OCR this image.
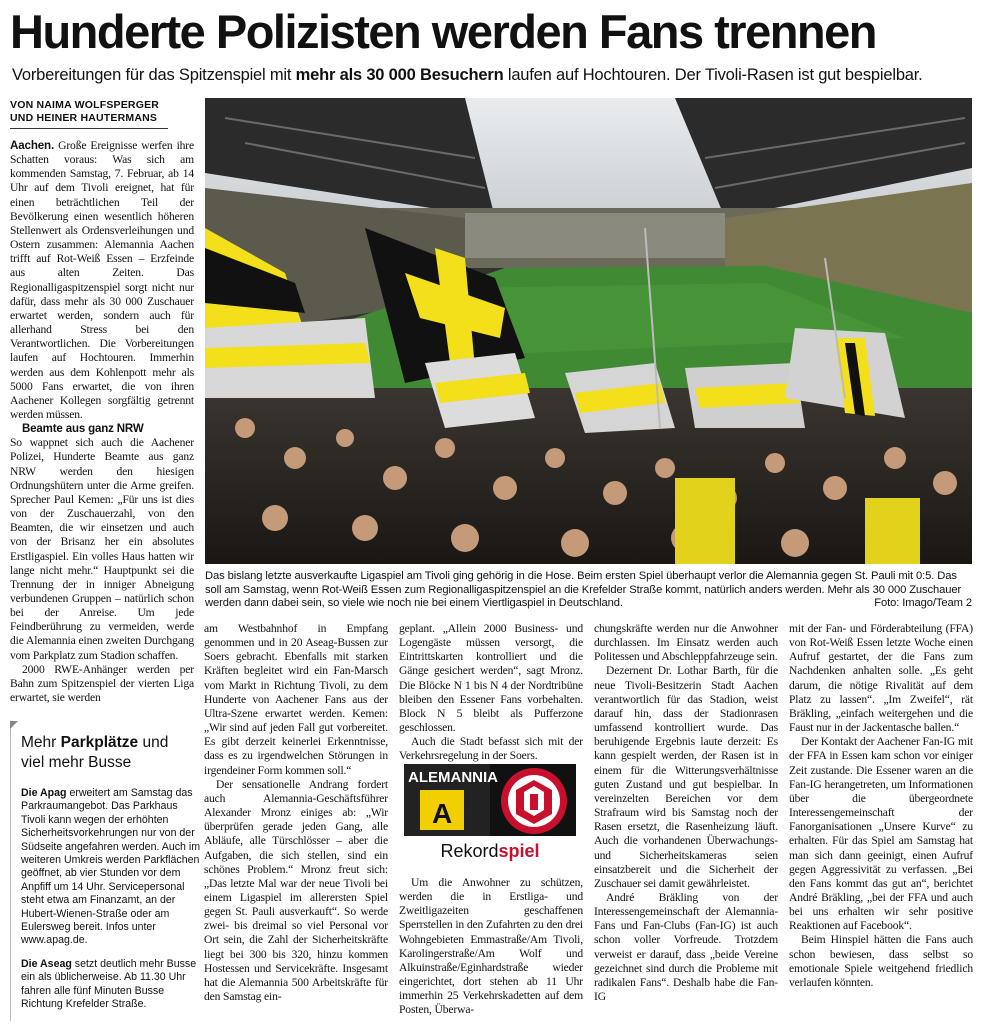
Hunderte Polizisten werden Fans trennen

Vorbereitungen für das Spitzenspiel mit mehr als 30 000 Besuchern laufen auf Hochtouren. Der Tivoli-Rasen ist gut bespielbar.

VON NAIMA WOLFSPERGER
UND HEINER HAUTERMANS

Aachen. Große Ereignisse werfen ihre Schatten voraus: Was sich am kommenden Samstag, 7. Februar, ab 14 Uhr auf dem Tivoli ereignet, hat für einen beträchtlichen Teil der Bevölkerung einen wesentlich höheren Stellenwert als Ordensverleihungen und Ostern zusammen: Alemannia Aachen trifft auf Rot-Weiß Essen – Erzfeinde aus alten Zeiten. Das Regionalligaspitzenspiel sorgt nicht nur dafür, dass mehr als 30 000 Zuschauer erwartet werden, sondern auch für allerhand Stress bei den Verantwortlichen. Die Vorbereitungen laufen auf Hochtouren. Immerhin werden aus dem Kohlenpott mehr als 5000 Fans erwartet, die von ihren Aachener Kollegen sorgfältig getrennt werden müssen.

Beamte aus ganz NRW

So wappnet sich auch die Aachener Polizei, Hunderte Beamte aus ganz NRW werden den hiesigen Ordnungshütern unter die Arme greifen. Sprecher Paul Kemen: „Für uns ist dies von der Zuschauerzahl, von den Beamten, die wir einsetzen und auch von der Brisanz her ein absolutes Erstligaspiel. Ein volles Haus hatten wir lange nicht mehr.“ Hauptpunkt sei die Trennung der in inniger Abneigung verbundenen Gruppen – natürlich schon bei der Anreise. Um jede Feindberührung zu vermeiden, werde die Alemannia einen zweiten Durchgang vom Parkplatz zum Stadion schaffen.

2000 RWE-Anhänger werden per Bahn zum Spitzenspiel der vierten Liga erwartet, sie werden

Das bislang letzte ausverkaufte Ligaspiel am Tivoli ging gehörig in die Hose. Beim ersten Spiel überhaupt verlor die Alemannia gegen St. Pauli mit 0:5. Das soll am Samstag, wenn Rot-Weiß Essen zum Regionalligaspitzenspiel an die Krefelder Straße kommt, natürlich anders werden. Mehr als 30 000 Zuschauer werden dann dabei sein, so viele wie noch nie bei einem Viertligaspiel in Deutschland.	Foto: Imago/Team 2

am Westbahnhof in Empfang genommen und in 20 Aseag-Bussen zur Soers gebracht. Ebenfalls mit starken Kräften begleitet wird ein Fan-Marsch vom Markt in Richtung Tivoli, zu dem Hunderte von Aachener Fans aus der Ultra-Szene erwartet werden. Kemen: „Wir sind auf jeden Fall gut vorbereitet. Es gibt derzeit keinerlei Erkenntnisse, dass es zu irgendwelchen Störungen in irgendeiner Form kommen soll.“

Der sensationelle Andrang fordert auch Alemannia-Geschäftsführer Alexander Mronz einiges ab: „Wir überprüfen gerade jeden Gang, alle Abläufe, alle Türschlösser – aber die Aufgaben, die sich stellen, sind ein schönes Problem.“ Mronz freut sich: „Das letzte Mal war der neue Tivoli bei einem Ligaspiel im allerersten Spiel gegen St. Pauli ausverkauft“. So werde zwei- bis dreimal so viel Personal vor Ort sein, die Zahl der Sicherheitskräfte liegt bei 300 bis 320, hinzu kommen Hostessen und Servicekräfte. Insgesamt hat die Alemannia 500 Arbeitskräfte für den Samstag ein-

geplant. „Allein 2000 Business- und Logengäste müssen versorgt, die Eintrittskarten kontrolliert und die Gänge gesichert werden“, sagt Mronz. Die Blöcke N 1 bis N 4 der Nordtribüne bleiben den Essener Fans vorbehalten. Block N 5 bleibt als Pufferzone geschlossen.

Auch die Stadt befasst sich mit der Verkehrsregelung in der Soers.

Um die Anwohner zu schützen, werden die in Erstliga- und Zweitligazeiten geschaffenen Sperrstellen in den Zufahrten zu den drei Wohngebieten Emmastraße/Am Tivoli, Karolingerstraße/Am Wolf und Alkuinstraße/Eginhardstraße wieder eingerichtet, dort stehen ab 11 Uhr immerhin 25 Verkehrskadetten auf dem Posten, Überwa-

ALEMANNIA
A
Rekordspiel

chungskräfte werden nur die Anwohner durchlassen. Im Einsatz werden auch Politessen und Abschleppfahrzeuge sein.

Dezernent Dr. Lothar Barth, für die neue Tivoli-Besitzerin Stadt Aachen verantwortlich für das Stadion, weist darauf hin, dass der Stadionrasen umfassend kontrolliert wurde. Das beruhigende Ergebnis laute derzeit: Es kann gespielt werden, der Rasen ist in einem für die Witterungsverhältnisse guten Zustand und gut bespielbar. In vereinzelten Bereichen vor dem Strafraum wird bis Samstag noch der Rasen ersetzt, die Rasenheizung läuft. Auch die vorhandenen Überwachungs- und Sicherheitskameras seien einsatzbereit und die Sicherheit der Zuschauer sei damit gewährleistet.

André Bräkling von der Interessengemeinschaft der Alemannia-Fans und Fan-Clubs (Fan-IG) ist auch schon voller Vorfreude. Trotzdem verweist er darauf, dass „beide Vereine gezeichnet sind durch die Probleme mit radikalen Fans“. Deshalb habe die Fan-IG

mit der Fan- und Förderabteilung (FFA) von Rot-Weiß Essen letzte Woche einen Aufruf gestartet, der die Fans zum Nachdenken anhalten solle. „Es geht darum, die nötige Rivalität auf dem Platz zu lassen“. „Im Zweifel“, rät Bräkling, „einfach weitergehen und die Faust nur in der Jackentasche ballen.“

Der Kontakt der Aachener Fan-IG mit der FFA in Essen kam schon vor einiger Zeit zustande. Die Essener waren an die Fan-IG herangetreten, um Informationen über die übergeordnete Interessengemeinschaft der Fanorganisationen „Unsere Kurve“ zu erhalten. Für das Spiel am Samstag hat man sich dann geeinigt, einen Aufruf gegen Aggressivität zu verfassen. „Bei den Fans kommt das gut an“, berichtet André Bräkling, „bei der FFA und auch bei uns erhalten wir sehr positive Reaktionen auf Facebook“.

Beim Hinspiel hätten die Fans auch schon bewiesen, dass selbst so emotionale Spiele weitgehend friedlich verlaufen könnten.

Mehr Parkplätze und viel mehr Busse

Die Apag erweitert am Samstag das Parkraumangebot. Das Parkhaus Tivoli kann wegen der erhöhten Sicherheitsvorkehrungen nur von der Südseite angefahren werden. Auch im weiteren Umkreis werden Parkflächen geöffnet, ab vier Stunden vor dem Anpfiff um 14 Uhr. Servicepersonal steht etwa am Finanzamt, an der Hubert-Wienen-Straße oder am Eulersweg bereit. Infos unter www.apag.de.

Die Aseag setzt deutlich mehr Busse ein als üblicherweise. Ab 11.30 Uhr fahren alle fünf Minuten Busse Richtung Krefelder Straße.
